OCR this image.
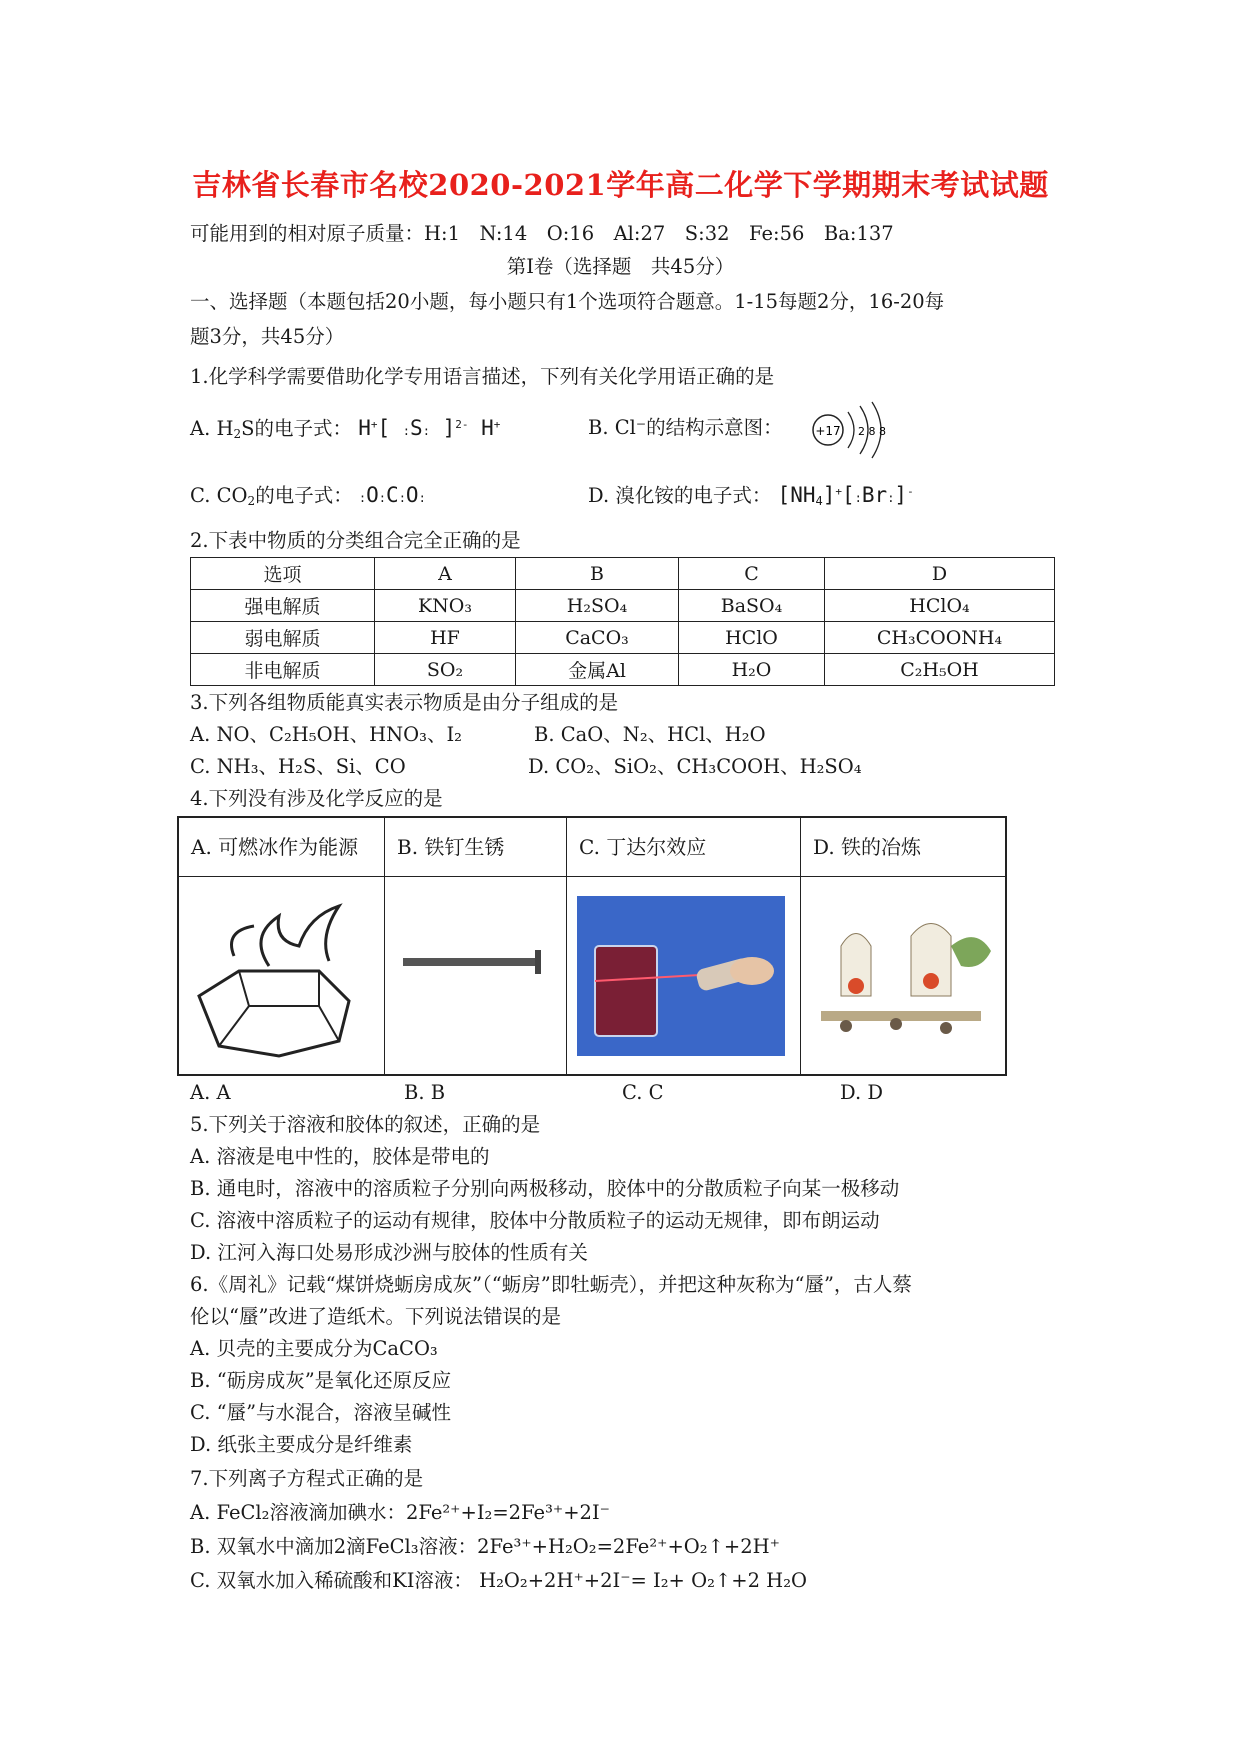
吉林省长春市名校2020-2021学年高二化学下学期期末考试试题
可能用到的相对原子质量：H:1　N:14　O:16　Al:27　S:32　Fe:56　Ba:137
第Ⅰ卷（选择题　共45分）
一、选择题（本题包括20小题，每小题只有1个选项符合题意。1-15每题2分，16-20每
题3分，共45分）
1.化学科学需要借助化学专用语言描述，下列有关化学用语正确的是
A. $H_2S$的电子式： H+[ :S: ]$^{2-}$ H+	B. Cl⁻的结构示意图：	+17 2 8 8
C. $CO_2$的电子式： :O:C:O:	D. 溴化铵的电子式： $[NH_4]^+[:Br:]^-$
2.下表中物质的分类组合完全正确的是
选项	A	B	C	D
强电解质	KNO₃	H₂SO₄	BaSO₄	HClO₄
弱电解质	HF	CaCO₃	HClO	CH₃COONH₄
非电解质	SO₂	金属Al	H₂O	C₂H₅OH
3.下列各组物质能真实表示物质是由分子组成的是
A. NO、C₂H₅OH、HNO₃、I₂	B. CaO、N₂、HCl、H₂O
C. NH₃、H₂S、Si、CO	D. CO₂、SiO₂、CH₃COOH、H₂SO₄
4.下列没有涉及化学反应的是
A. 可燃冰作为能源	B. 铁钉生锈	C. 丁达尔效应	D. 铁的冶炼
A. A	B. B	C. C	D. D
5.下列关于溶液和胶体的叙述，正确的是
A. 溶液是电中性的，胶体是带电的
B. 通电时，溶液中的溶质粒子分别向两极移动，胶体中的分散质粒子向某一极移动
C. 溶液中溶质粒子的运动有规律，胶体中分散质粒子的运动无规律，即布朗运动
D. 江河入海口处易形成沙洲与胶体的性质有关
6.《周礼》记载“煤饼烧蛎房成灰”（“蛎房”即牡蛎壳），并把这种灰称为“蜃”，古人蔡
伦以“蜃”改进了造纸术。下列说法错误的是
A. 贝壳的主要成分为CaCO₃
B. “砺房成灰”是氧化还原反应
C. “蜃”与水混合，溶液呈碱性
D. 纸张主要成分是纤维素
7.下列离子方程式正确的是
A. FeCl₂溶液滴加碘水：2Fe²⁺+I₂=2Fe³⁺+2I⁻
B. 双氧水中滴加2滴FeCl₃溶液：2Fe³⁺+H₂O₂=2Fe²⁺+O₂↑+2H⁺
C. 双氧水加入稀硫酸和KI溶液： H₂O₂+2H⁺+2I⁻= I₂+ O₂↑+2 H₂O
